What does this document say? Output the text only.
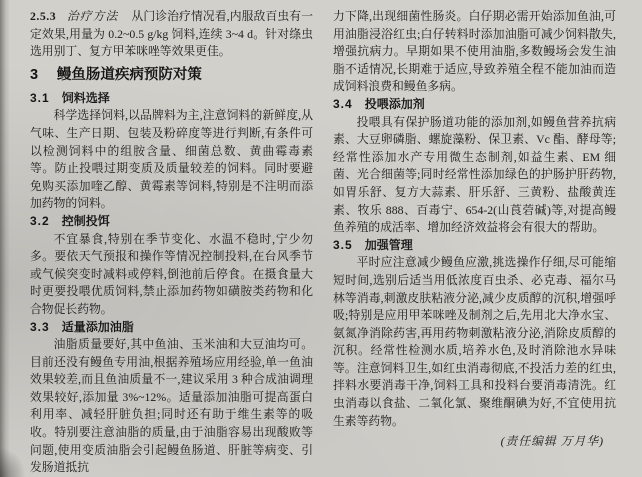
2.5.3 治疗方法 从门诊治疗情况看,内服敌百虫有一定效果,用量为 0.2~0.5 g/kg 饲料,连续 3~4 d。针对绦虫选用别丁、复方甲苯咪唑等效果更佳。

3 鳗鱼肠道疾病预防对策
3.1 饲料选择

科学选择饲料,以品牌料为主,注意饲料的新鲜度,从气味、生产日期、包装及粉碎度等进行判断,有条件可以检测饲料中的组胺含量、细菌总数、黄曲霉毒素等。防止投喂过期变质及质量较差的饲料。同时要避免购买添加喹乙醇、黄霉素等饲料,特别是不注明而添加药物的饲料。

3.2 控制投饵

不宜暴食,特别在季节变化、水温不稳时,宁少勿多。要依天气预报和操作等情况控制投料,在台风季节或气候突变时减料或停料,倒池前后停食。在摄食量大时更要投喂优质饲料,禁止添加药物如磺胺类药物和化合物促长药物。

3.3 适量添加油脂

油脂质量要好,其中鱼油、玉米油和大豆油均可。目前还没有鳗鱼专用油,根据养殖场应用经验,单一鱼油效果较差,而且鱼油质量不一,建议采用 3 种合成油调理效果较好,添加量 3%~12%。适量添加油脂可提高蛋白利用率、减轻肝脏负担;同时还有助于维生素等的吸收。特别要注意油脂的质量,由于油脂容易出现酸败等问题,使用变质油脂会引起鳗鱼肠道、肝脏等病变、引发肠道抵抗

力下降,出现细菌性肠炎。白仔期必需开始添加鱼油,可用油脂浸浴红虫;白仔转料时添加油脂可减少饲料散失,增强抗病力。早期如果不使用油脂,多数鳗场会发生油脂不适情况,长期难于适应,导致养殖全程不能加油而造成饲料浪费和鳗鱼多病。

3.4 投喂添加剂

投喂具有保护肠道功能的添加剂,如鳗鱼营养抗病素、大豆卵磷脂、螺旋藻粉、保卫素、Vc 酯、酵母等;经常性添加水产专用微生态制剂,如益生素、EM 细菌、光合细菌等;同时经常性添加绿色的护肠护肝药物,如胃乐舒、复方大蒜素、肝乐舒、三黄粉、盐酸黄连素、牧乐 888、百毒宁、654-2(山莨菪碱)等,对提高鳗鱼养殖的成活率、增加经济效益将会有很大的帮助。

3.5 加强管理

平时应注意减少鳗鱼应激,挑选操作仔细,尽可能缩短时间,选别后适当用低浓度百虫杀、必克毒、福尔马林等消毒,刺激皮肤粘液分泌,减少皮质醇的沉积,增强呼吸;特别是应用甲苯咪唑及制剂之后,先用北大净水宝、氨氮净消除药害,再用药物刺激粘液分泌,消除皮质醇的沉积。经常性检测水质,培养水色,及时消除池水异味等。注意饲料卫生,如红虫消毒彻底,不投活力差的红虫,拌料水要消毒干净,饲料工具和投料台要消毒清洗。红虫消毒以食盐、二氧化氯、聚维酮碘为好,不宜使用抗生素等药物。

(责任编辑 万月华)
